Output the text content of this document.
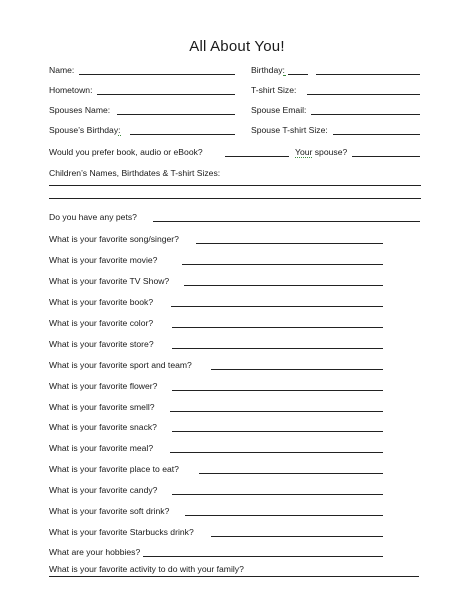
All About You!
Name:	Birthday:
Hometown:	T-shirt Size:
Spouses Name:	Spouse Email:
Spouse’s Birthday:	Spouse T-shirt Size:
Would you prefer book, audio or eBook?	Your spouse?
Children’s Names, Birthdates & T-shirt Sizes:
Do you have any pets?
What is your favorite song/singer?
What is your favorite movie?
What is your favorite TV Show?
What is your favorite book?
What is your favorite color?
What is your favorite store?
What is your favorite sport and team?
What is your favorite flower?
What is your favorite smell?
What is your favorite snack?
What is your favorite meal?
What is your favorite place to eat?
What is your favorite candy?
What is your favorite soft drink?
What is your favorite Starbucks drink?
What are your hobbies?
What is your favorite activity to do with your family?
